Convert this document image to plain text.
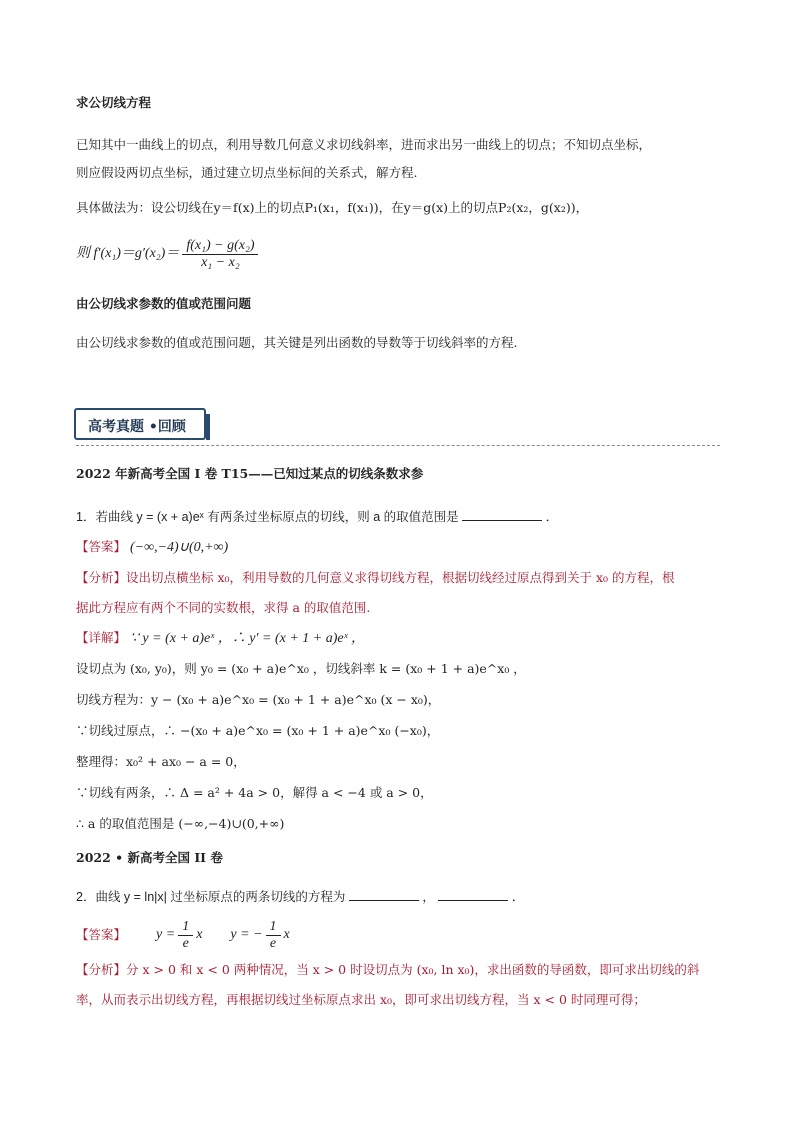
求公切线方程
已知其中一曲线上的切点，利用导数几何意义求切线斜率，进而求出另一曲线上的切点；不知切点坐标，
则应假设两切点坐标，通过建立切点坐标间的关系式，解方程.
具体做法为：设公切线在y＝f(x)上的切点P₁(x₁，f(x₁))，在y＝g(x)上的切点P₂(x₂，g(x₂))，
则 $f'(x_1)=g'(x_2)= \frac{\text{f(x₁) − g(x₂)}}{\text{x₁ − x₂}}$
由公切线求参数的值或范围问题
由公切线求参数的值或范围问题，其关键是列出函数的导数等于切线斜率的方程.
高考真题 •回顾
2022 年新高考全国 I 卷 T15——已知过某点的切线条数求参
1．若曲线 y = (x + a)eˣ 有两条过坐标原点的切线，则 a 的取值范围是	．
【答案】 (−∞,−4)∪(0,+∞)
【分析】设出切点横坐标 x₀，利用导数的几何意义求得切线方程，根据切线经过原点得到关于 x₀ 的方程，根
据此方程应有两个不同的实数根，求得 a 的取值范围.
【详解】 ∵ y = (x + a)eˣ ，∴ y′ = (x + 1 + a)eˣ ，
设切点为 (x₀, y₀)，则 y₀ = (x₀ + a)e^x₀ ，切线斜率 k = (x₀ + 1 + a)e^x₀ ，
切线方程为：y − (x₀ + a)e^x₀ = (x₀ + 1 + a)e^x₀ (x − x₀)，
∵切线过原点，∴ −(x₀ + a)e^x₀ = (x₀ + 1 + a)e^x₀ (−x₀)，
整理得：x₀² + ax₀ − a = 0，
∵切线有两条，∴ Δ = a² + 4a > 0，解得 a < −4 或 a > 0，
∴ a 的取值范围是 (−∞,−4)∪(0,+∞)
2022 • 新高考全国 II 卷
2．曲线 y = ln|x| 过坐标原点的两条切线的方程为	，	．
【答案】 $y = \frac{1}{e}$ x y = − $\frac{1}{e}$ x
【分析】分 x > 0 和 x < 0 两种情况，当 x > 0 时设切点为 (x₀, ln x₀)，求出函数的导函数，即可求出切线的斜
率，从而表示出切线方程，再根据切线过坐标原点求出 x₀，即可求出切线方程，当 x < 0 时同理可得；
